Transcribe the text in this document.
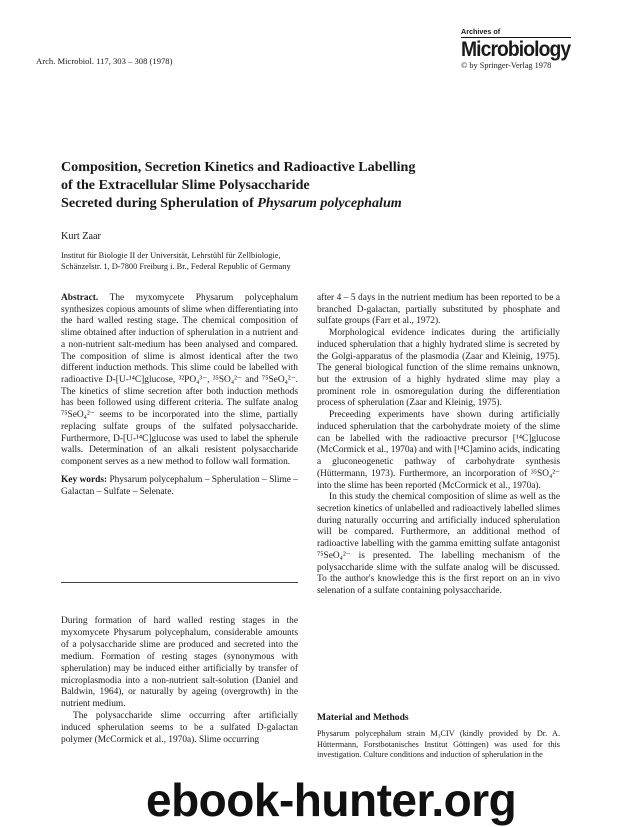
Arch. Microbiol. 117, 303 – 308 (1978)
Archives of
Microbiology
© by Springer-Verlag 1978
Composition, Secretion Kinetics and Radioactive Labelling
of the Extracellular Slime Polysaccharide
Secreted during Spherulation of Physarum polycephalum
Kurt Zaar
Institut für Biologie II der Universität, Lehrstühl für Zellbiologie,
Schänzelstr. 1, D-7800 Freiburg i. Br., Federal Republic of Germany

Abstract. The myxomycete Physarum polycephalum synthesizes copious amounts of slime when differentiating into the hard walled resting stage. The chemical composition of slime obtained after induction of spherulation in a nutrient and a non-nutrient salt-medium has been analysed and compared. The composition of slime is almost identical after the two different induction methods. This slime could be labelled with radioactive D-[U-¹⁴C]glucose, ³²PO₄³⁻, ³⁵SO₄²⁻ and ⁷⁵SeO₄²⁻. The kinetics of slime secretion after both induction methods has been followed using different criteria. The sulfate analog ⁷⁵SeO₄²⁻ seems to be incorporated into the slime, partially replacing sulfate groups of the sulfated polysaccharide. Furthermore, D-[U-¹⁴C]glucose was used to label the spherule walls. Determination of an alkali resistent polysaccharide component serves as a new method to follow wall formation.

Key words: Physarum polycephalum – Spherulation – Slime – Galactan – Sulfate – Selenate.

During formation of hard walled resting stages in the myxomycete Physarum polycephalum, considerable amounts of a polysaccharide slime are produced and secreted into the medium. Formation of resting stages (synonymous with spherulation) may be induced either artificially by transfer of microplasmodia into a non-nutrient salt-solution (Daniel and Baldwin, 1964), or naturally by ageing (overgrowth) in the nutrient medium.

The polysaccharide slime occurring after artificially induced spherulation seems to be a sulfated D-galactan polymer (McCormick et al., 1970a). Slime occurring

after 4 – 5 days in the nutrient medium has been reported to be a branched D-galactan, partially substituted by phosphate and sulfate groups (Farr et al., 1972).

Morphological evidence indicates during the artificially induced spherulation that a highly hydrated slime is secreted by the Golgi-apparatus of the plasmodia (Zaar and Kleinig, 1975). The general biological function of the slime remains unknown, but the extrusion of a highly hydrated slime may play a prominent role in osmoregulation during the differentiation process of spherulation (Zaar and Kleinig, 1975).

Preceeding experiments have shown during artificially induced spherulation that the carbohydrate moiety of the slime can be labelled with the radioactive precursor [¹⁴C]glucose (McCormick et al., 1970a) and with [¹⁴C]amino acids, indicating a gluconeogenetic pathway of carbohydrate synthesis (Hüttermann, 1973). Furthermore, an incorporation of ³⁵SO₄²⁻ into the slime has been reported (McCormick et al., 1970a).

In this study the chemical composition of slime as well as the secretion kinetics of unlabelled and radioactively labelled slimes during naturally occurring and artificially induced spherulation will be compared. Furthermore, an additional method of radioactive labelling with the gamma emitting sulfate antagonist ⁷⁵SeO₄²⁻ is presented. The labelling mechanism of the polysaccharide slime with the sulfate analog will be discussed. To the author's knowledge this is the first report on an in vivo selenation of a sulfate containing polysaccharide.

Material and Methods
Physarum polycephalum strain M₃CIV (kindly provided by Dr. A. Hüttermann, Forstbotanisches Institut Göttingen) was used for this investigation. Culture conditions and induction of spherulation in the
ebook-hunter.org
